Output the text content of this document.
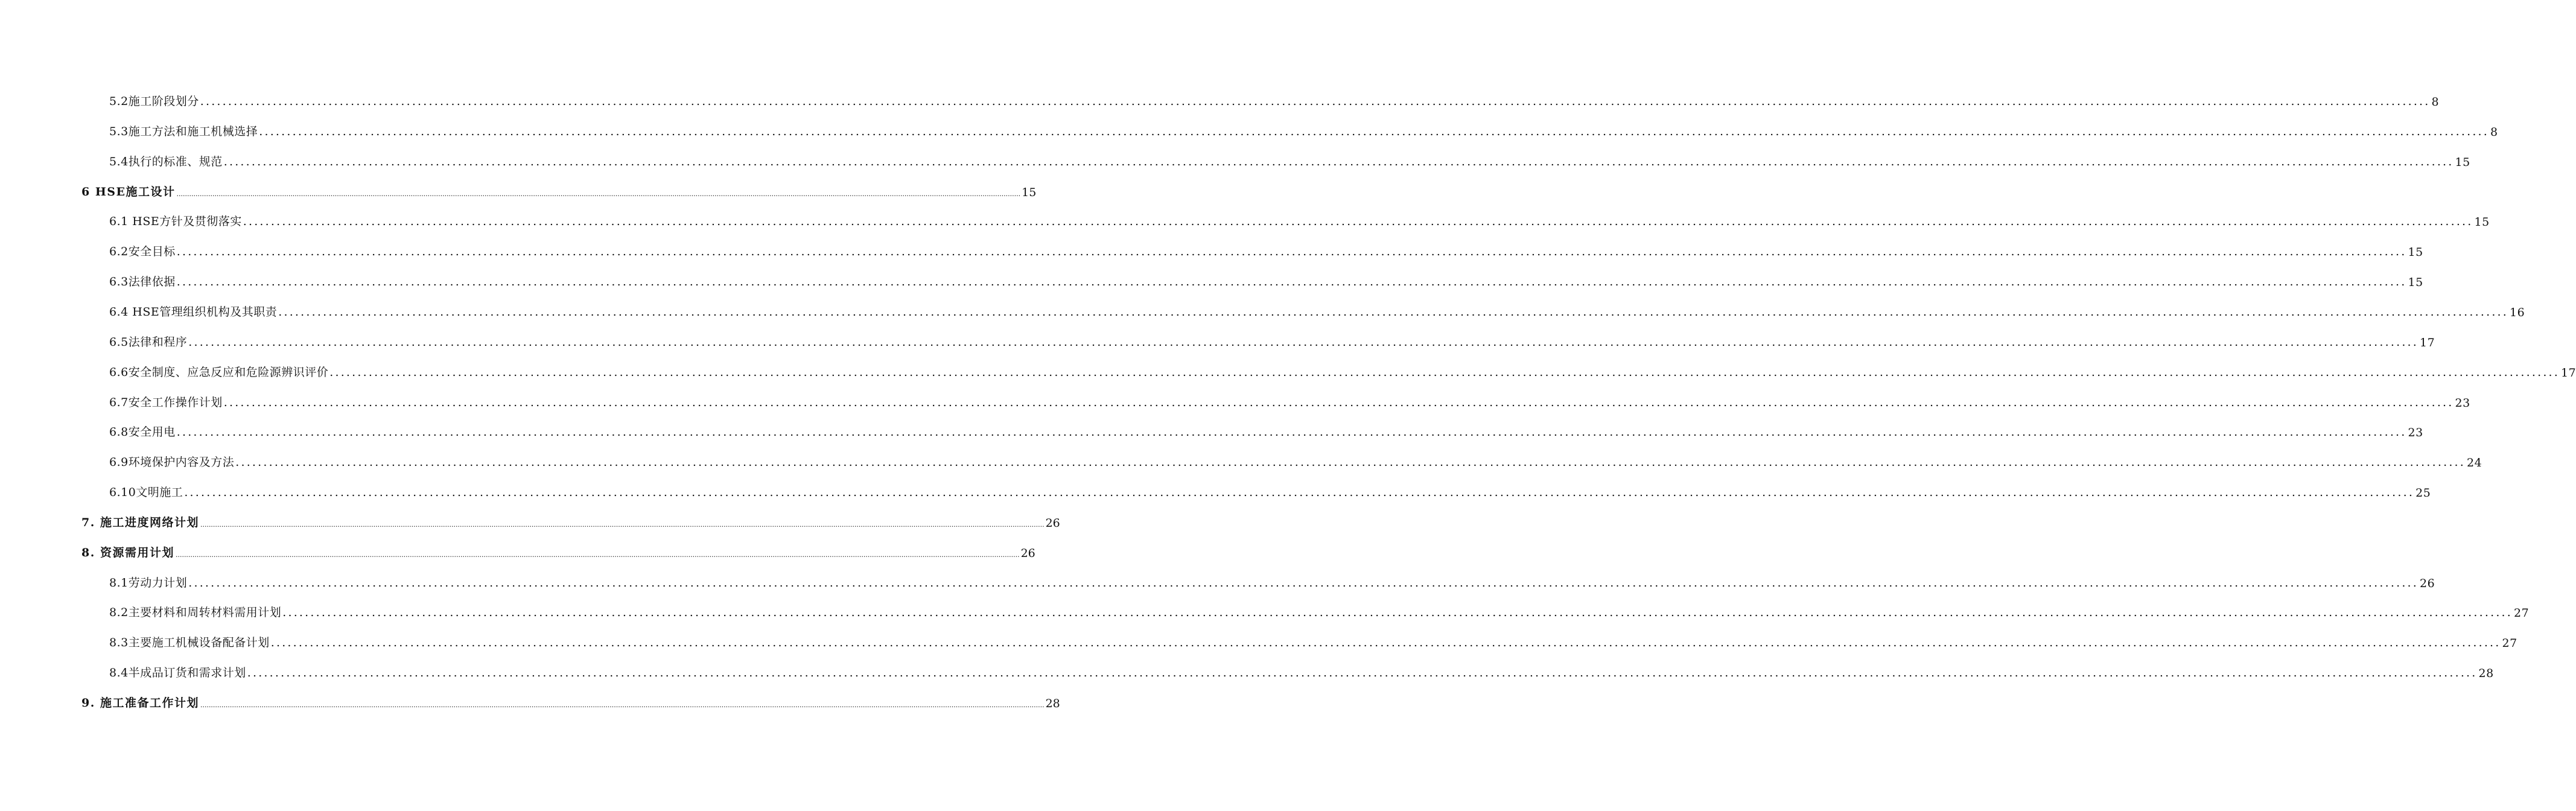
5.2施工阶段划分 ................................................................................................................................................................................................................................................................................................................................................................................................................ 8
5.3施工方法和施工机械选择 ................................................................................................................................................................................................................................................................................................................................................................................................................ 8
5.4执行的标准、规范 ................................................................................................................................................................................................................................................................................................................................................................................................................ 15
6 HSE施工设计 ................................................................................................................................................................................................................................................................................................................................................................................................................ 15
6.1 HSE方针及贯彻落实 ................................................................................................................................................................................................................................................................................................................................................................................................................ 15
6.2安全目标 ................................................................................................................................................................................................................................................................................................................................................................................................................ 15
6.3法律依据 ................................................................................................................................................................................................................................................................................................................................................................................................................ 15
6.4 HSE管理组织机构及其职责 ................................................................................................................................................................................................................................................................................................................................................................................................................ 16
6.5法律和程序 ................................................................................................................................................................................................................................................................................................................................................................................................................ 17
6.6安全制度、应急反应和危险源辨识评价 ................................................................................................................................................................................................................................................................................................................................................................................................................ 17
6.7安全工作操作计划 ................................................................................................................................................................................................................................................................................................................................................................................................................ 23
6.8安全用电 ................................................................................................................................................................................................................................................................................................................................................................................................................ 23
6.9环境保护内容及方法 ................................................................................................................................................................................................................................................................................................................................................................................................................ 24
6.10文明施工 ................................................................................................................................................................................................................................................................................................................................................................................................................ 25
7. 施工进度网络计划 ................................................................................................................................................................................................................................................................................................................................................................................................................ 26
8. 资源需用计划 ................................................................................................................................................................................................................................................................................................................................................................................................................ 26
8.1劳动力计划 ................................................................................................................................................................................................................................................................................................................................................................................................................ 26
8.2主要材料和周转材料需用计划 ................................................................................................................................................................................................................................................................................................................................................................................................................ 27
8.3主要施工机械设备配备计划 ................................................................................................................................................................................................................................................................................................................................................................................................................ 27
8.4半成品订货和需求计划 ................................................................................................................................................................................................................................................................................................................................................................................................................ 28
9. 施工准备工作计划 ................................................................................................................................................................................................................................................................................................................................................................................................................ 28
